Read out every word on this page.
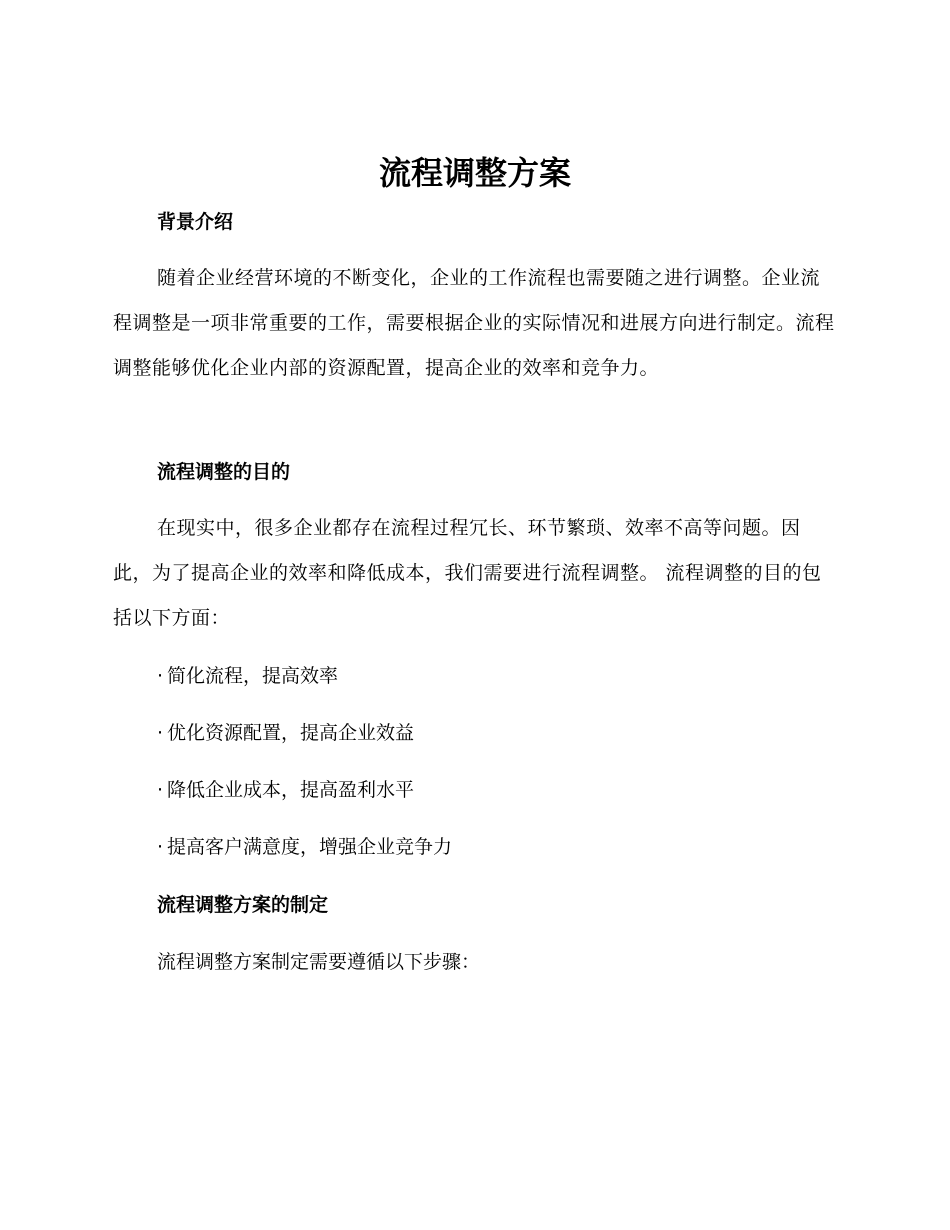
流程调整方案
背景介绍
随着企业经营环境的不断变化，企业的工作流程也需要随之进行调整。企业流程调整是一项非常重要的工作，需要根据企业的实际情况和进展方向进行制定。流程调整能够优化企业内部的资源配置，提高企业的效率和竞争力。
流程调整的目的
在现实中，很多企业都存在流程过程冗长、环节繁琐、效率不高等问题。因此，为了提高企业的效率和降低成本，我们需要进行流程调整。 流程调整的目的包括以下方面：
· 简化流程，提高效率
· 优化资源配置，提高企业效益
· 降低企业成本，提高盈利水平
· 提高客户满意度，增强企业竞争力
流程调整方案的制定
流程调整方案制定需要遵循以下步骤：
